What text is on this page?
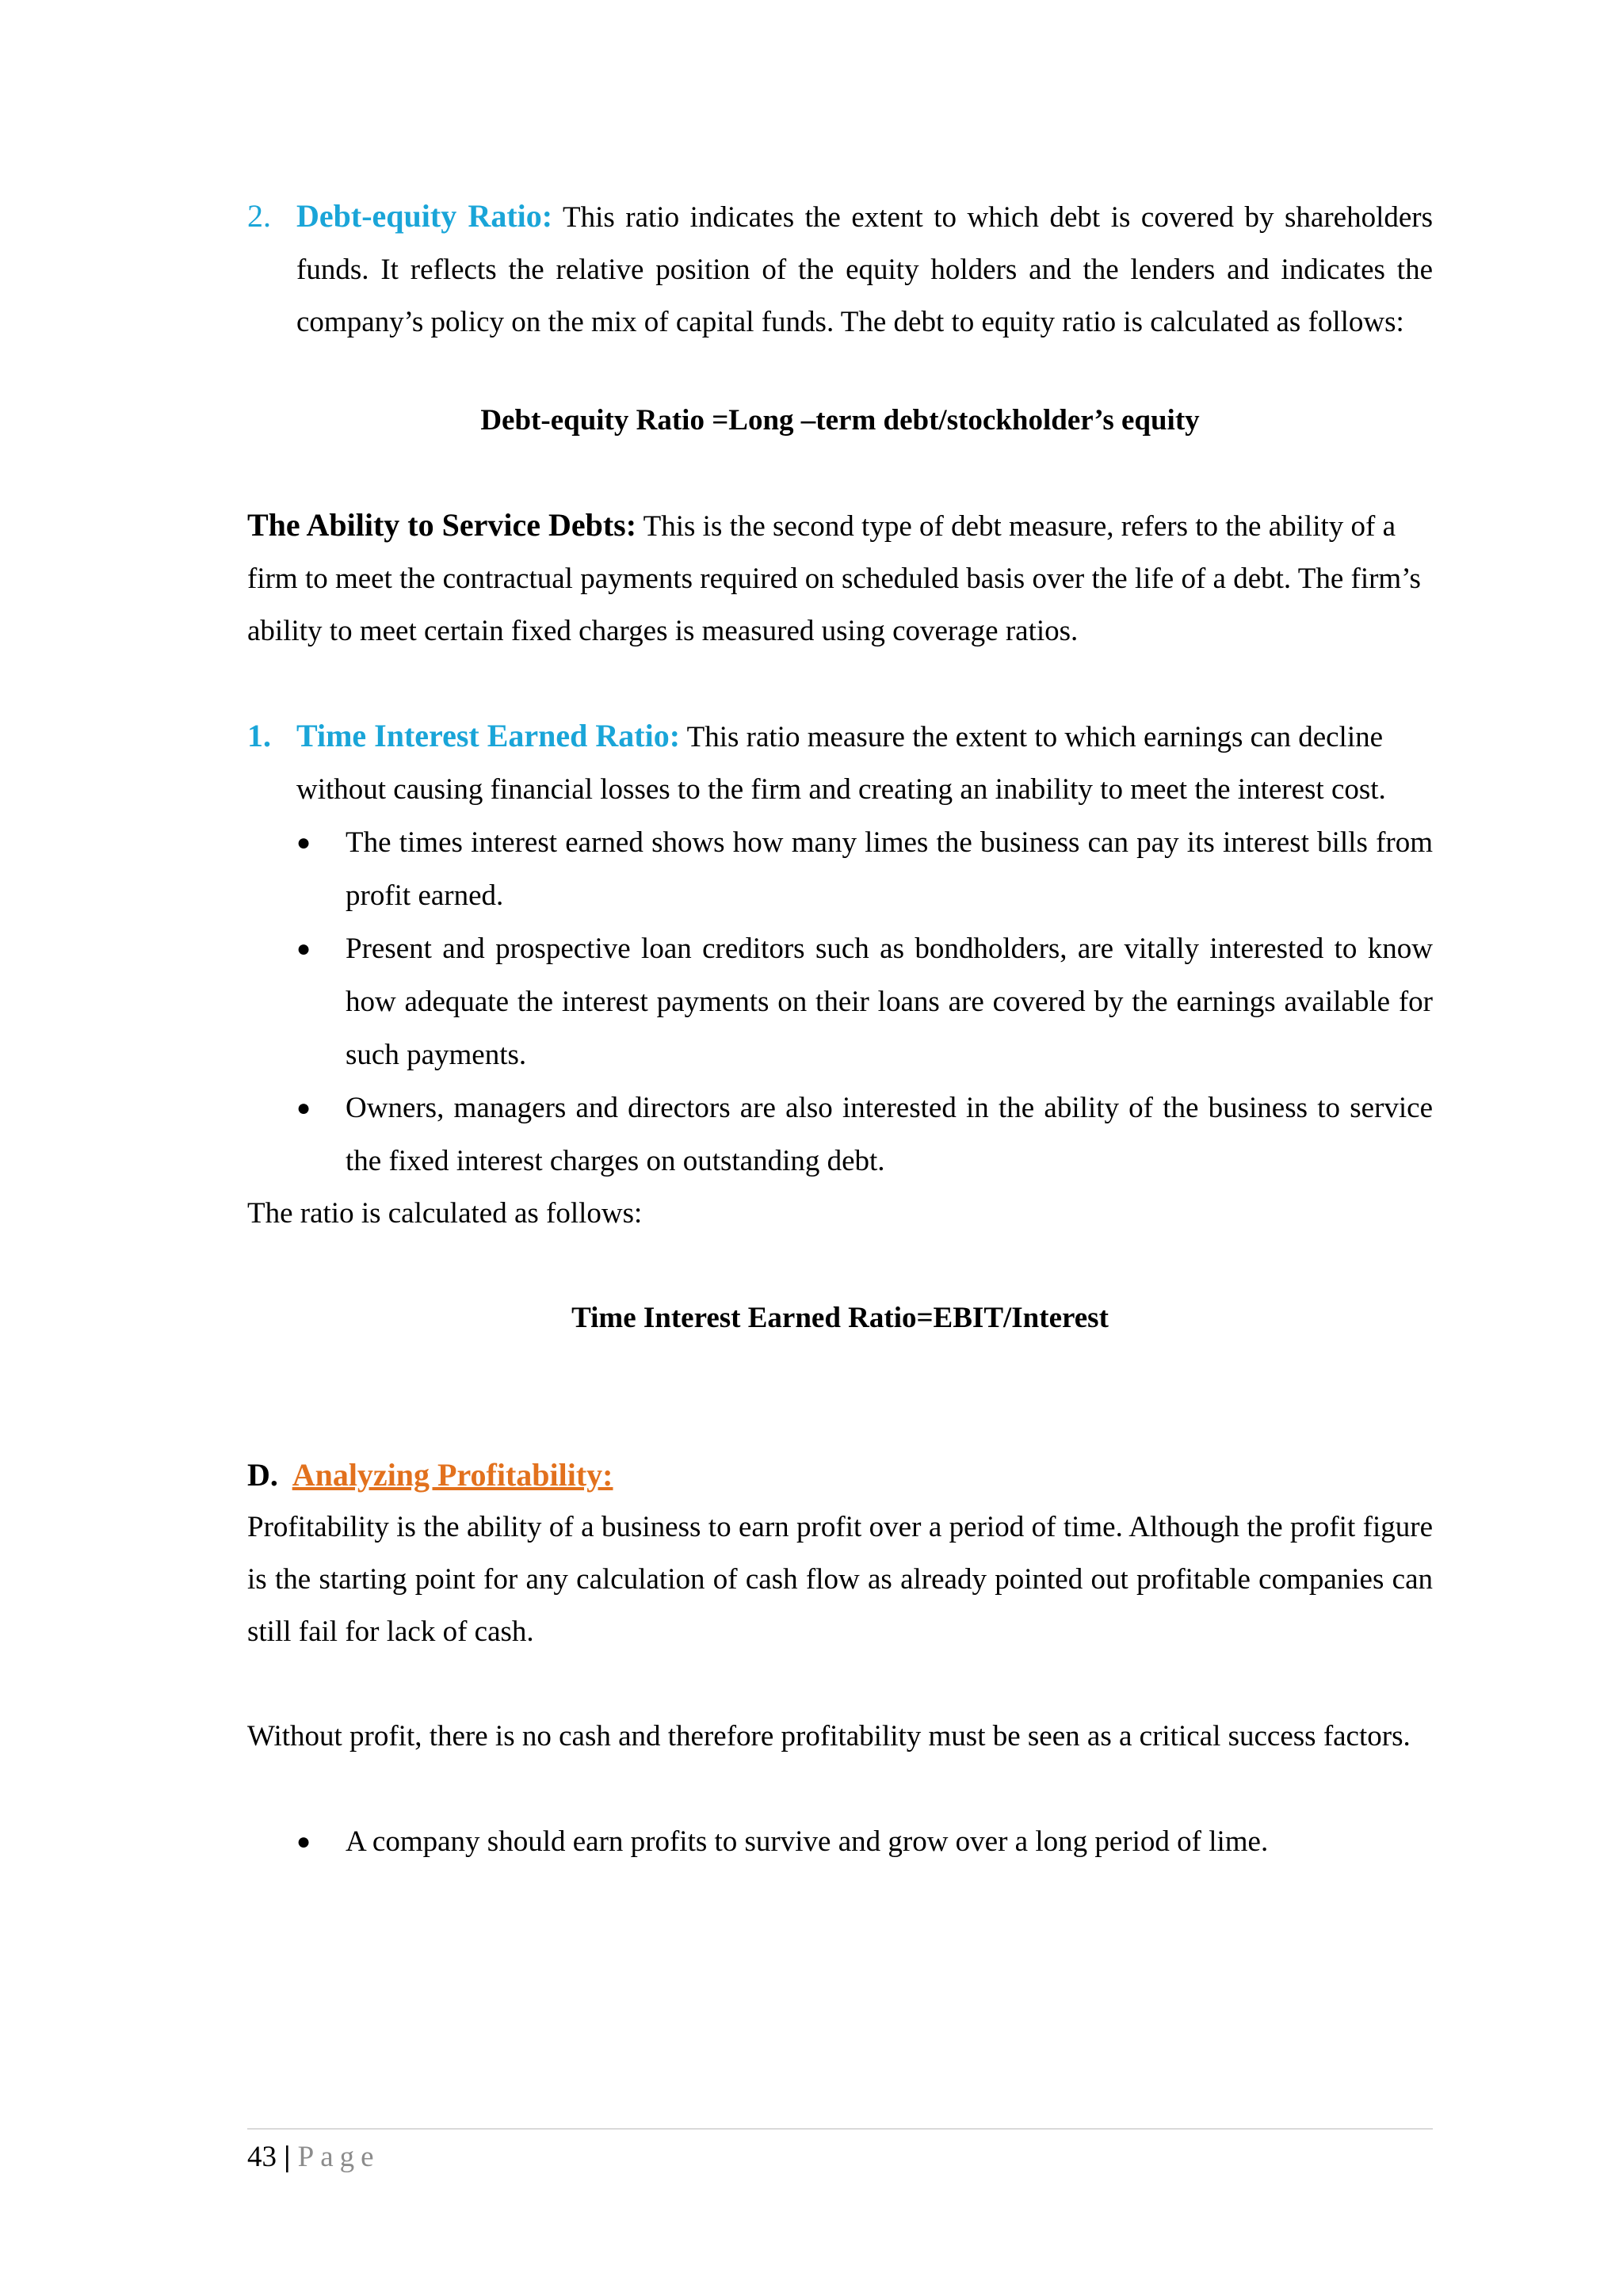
2. Debt-equity Ratio: This ratio indicates the extent to which debt is covered by shareholders funds. It reflects the relative position of the equity holders and the lenders and indicates the company’s policy on the mix of capital funds. The debt to equity ratio is calculated as follows:

Debt-equity Ratio =Long –term debt/stockholder’s equity

The Ability to Service Debts: This is the second type of debt measure, refers to the ability of a firm to meet the contractual payments required on scheduled basis over the life of a debt. The firm’s ability to meet certain fixed charges is measured using coverage ratios.

1. Time Interest Earned Ratio: This ratio measure the extent to which earnings can decline without causing financial losses to the firm and creating an inability to meet the interest cost.
● The times interest earned shows how many limes the business can pay its interest bills from profit earned.
● Present and prospective loan creditors such as bondholders, are vitally interested to know how adequate the interest payments on their loans are covered by the earnings available for such payments.
● Owners, managers and directors are also interested in the ability of the business to service the fixed interest charges on outstanding debt.

The ratio is calculated as follows:

Time Interest Earned Ratio=EBIT/Interest

D. Analyzing Profitability:

Profitability is the ability of a business to earn profit over a period of time. Although the profit figure is the starting point for any calculation of cash flow as already pointed out profitable companies can still fail for lack of cash.

Without profit, there is no cash and therefore profitability must be seen as a critical success factors.

● A company should earn profits to survive and grow over a long period of lime.
43 | Page
